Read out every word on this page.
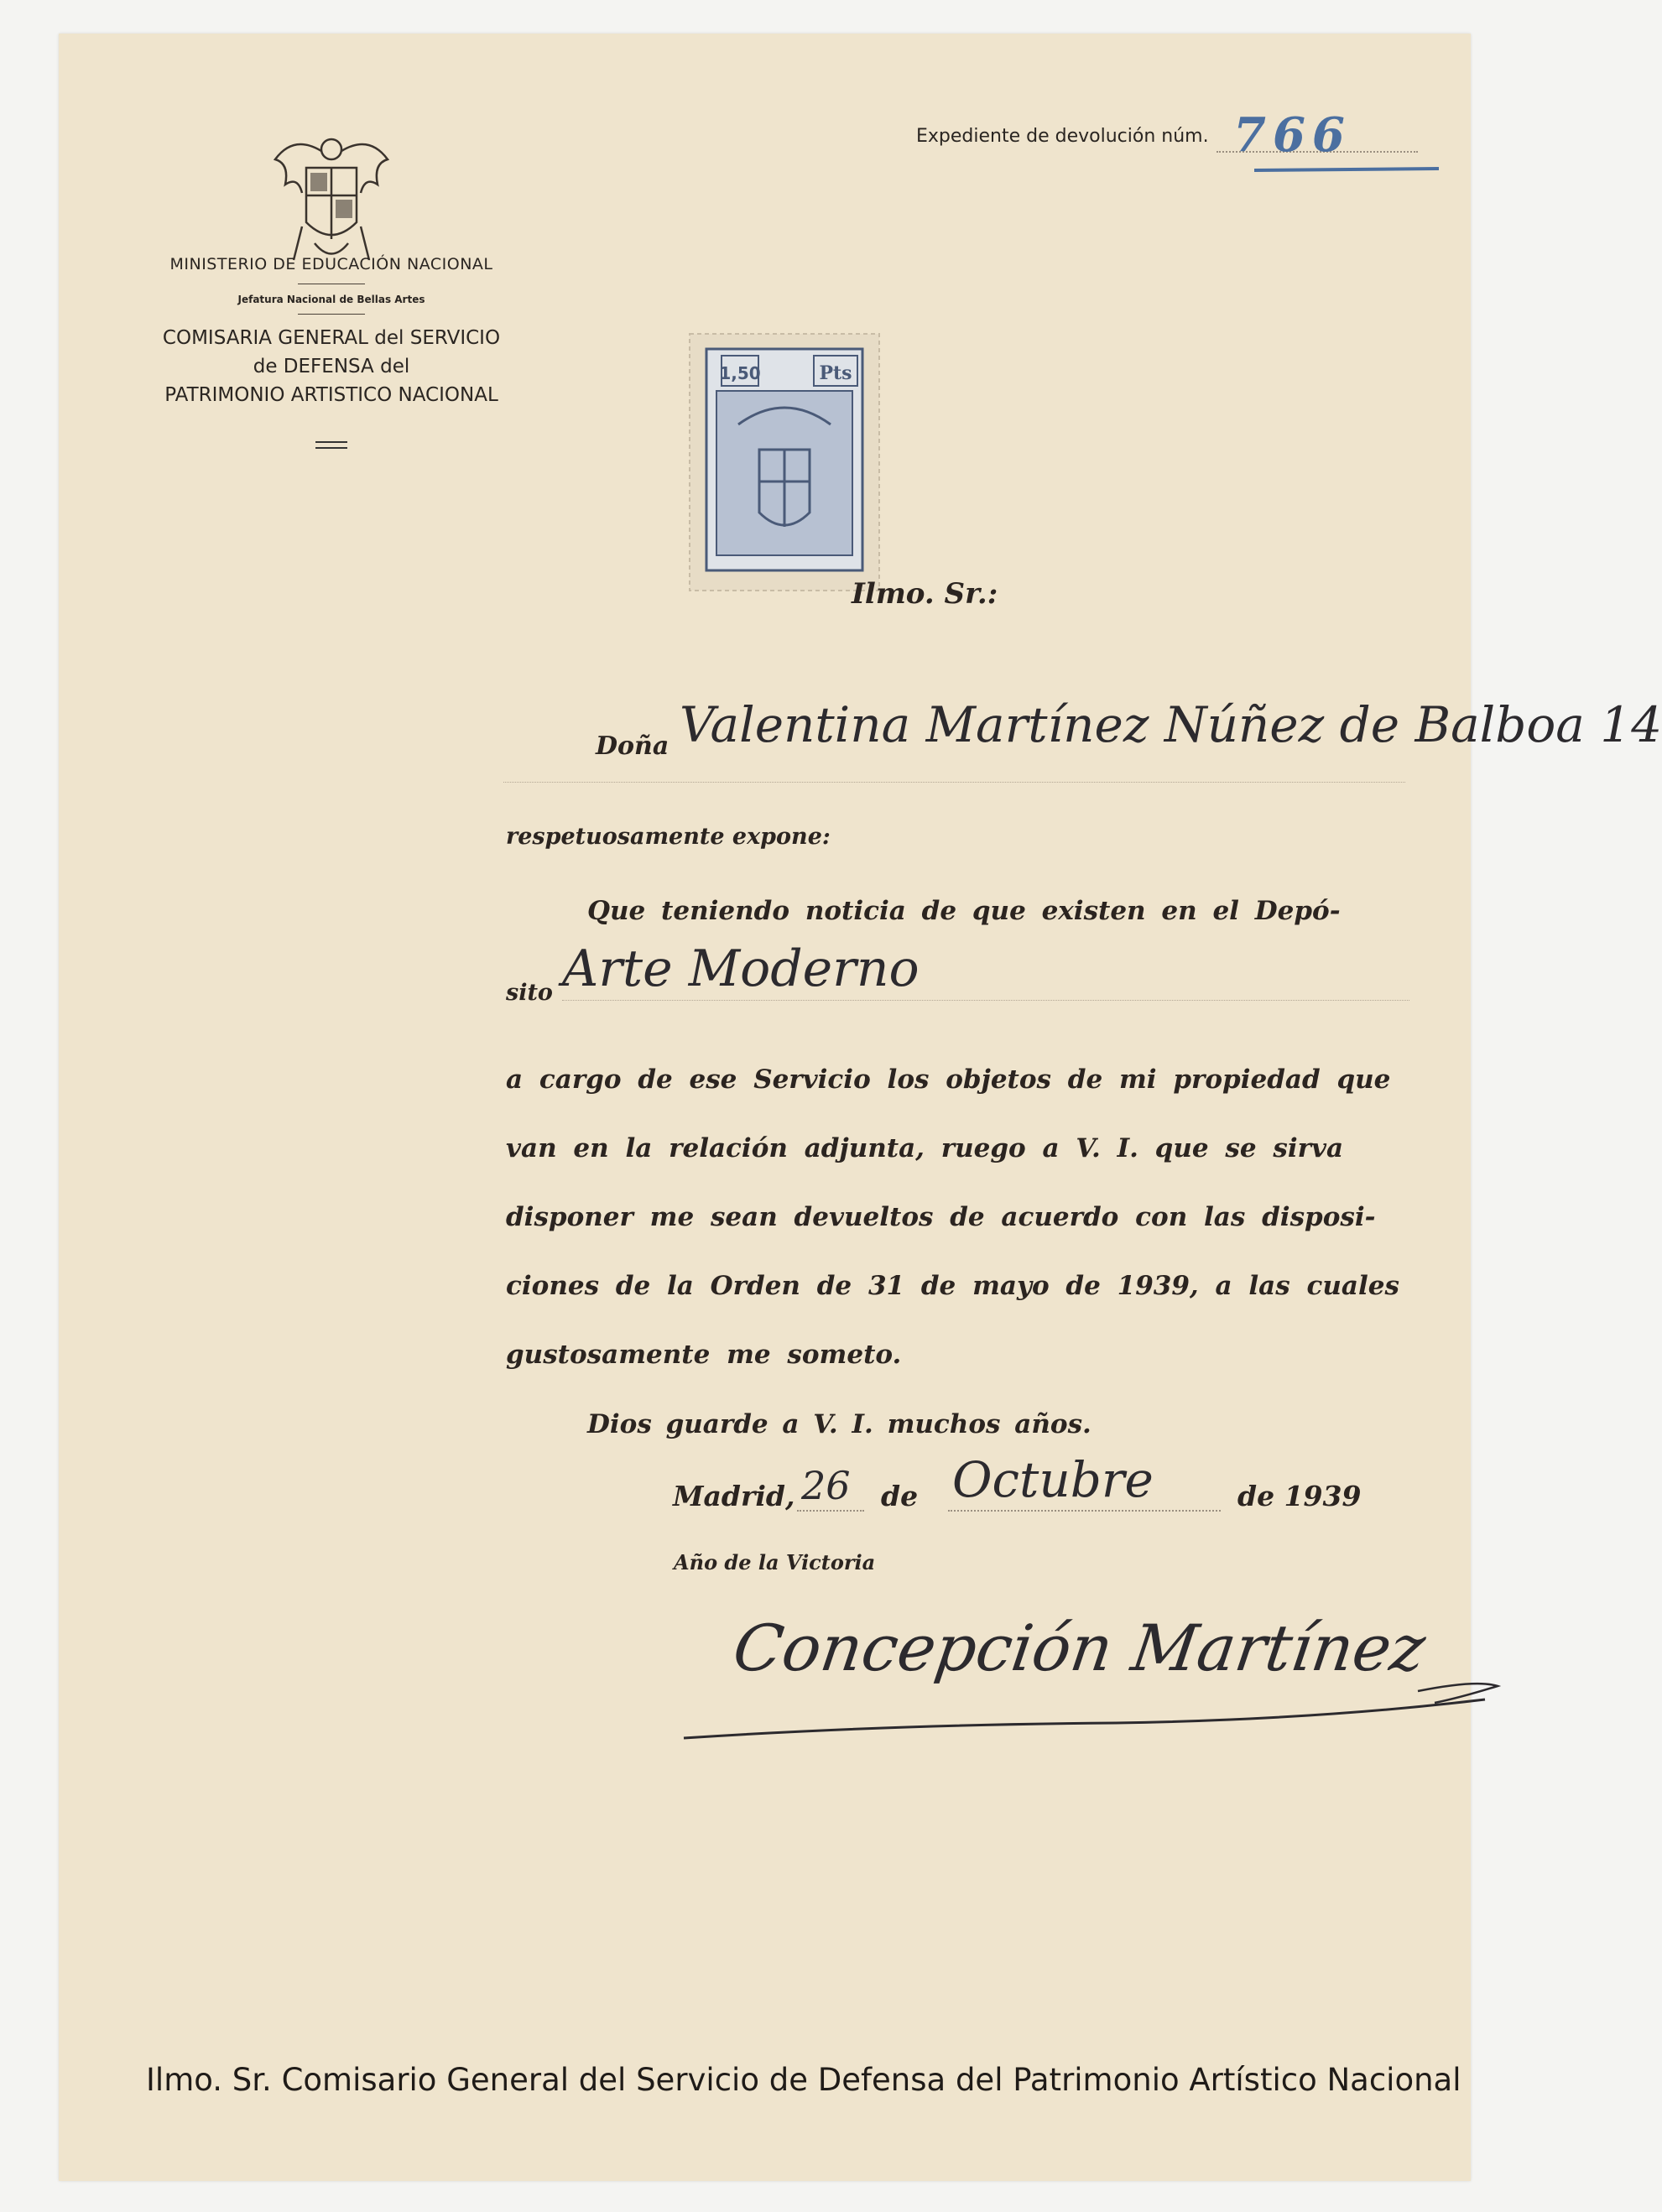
MINISTERIO DE EDUCACIÓN NACIONAL
Jefatura Nacional de Bellas Artes
COMISARIA GENERAL del SERVICIO
de DEFENSA del
PATRIMONIO ARTISTICO NACIONAL
Expediente de devolución núm. 766
1,50	Pts
Ilmo. Sr.:
Doña Valentina Martínez Núñez de Balboa 14
respetuosamente expone:
Que teniendo noticia de que existen en el Depó-
sito Arte Moderno
a cargo de ese Servicio los objetos de mi propiedad que
van en la relación adjunta, ruego a V. I. que se sirva
disponer me sean devueltos de acuerdo con las disposi-
ciones de la Orden de 31 de mayo de 1939, a las cuales
gustosamente me someto.
Dios guarde a V. I. muchos años.
Madrid, 26 de Octubre	de 1939
Año de la Victoria
Concepción Martínez
Ilmo. Sr. Comisario General del Servicio de Defensa del Patrimonio Artístico Nacional
